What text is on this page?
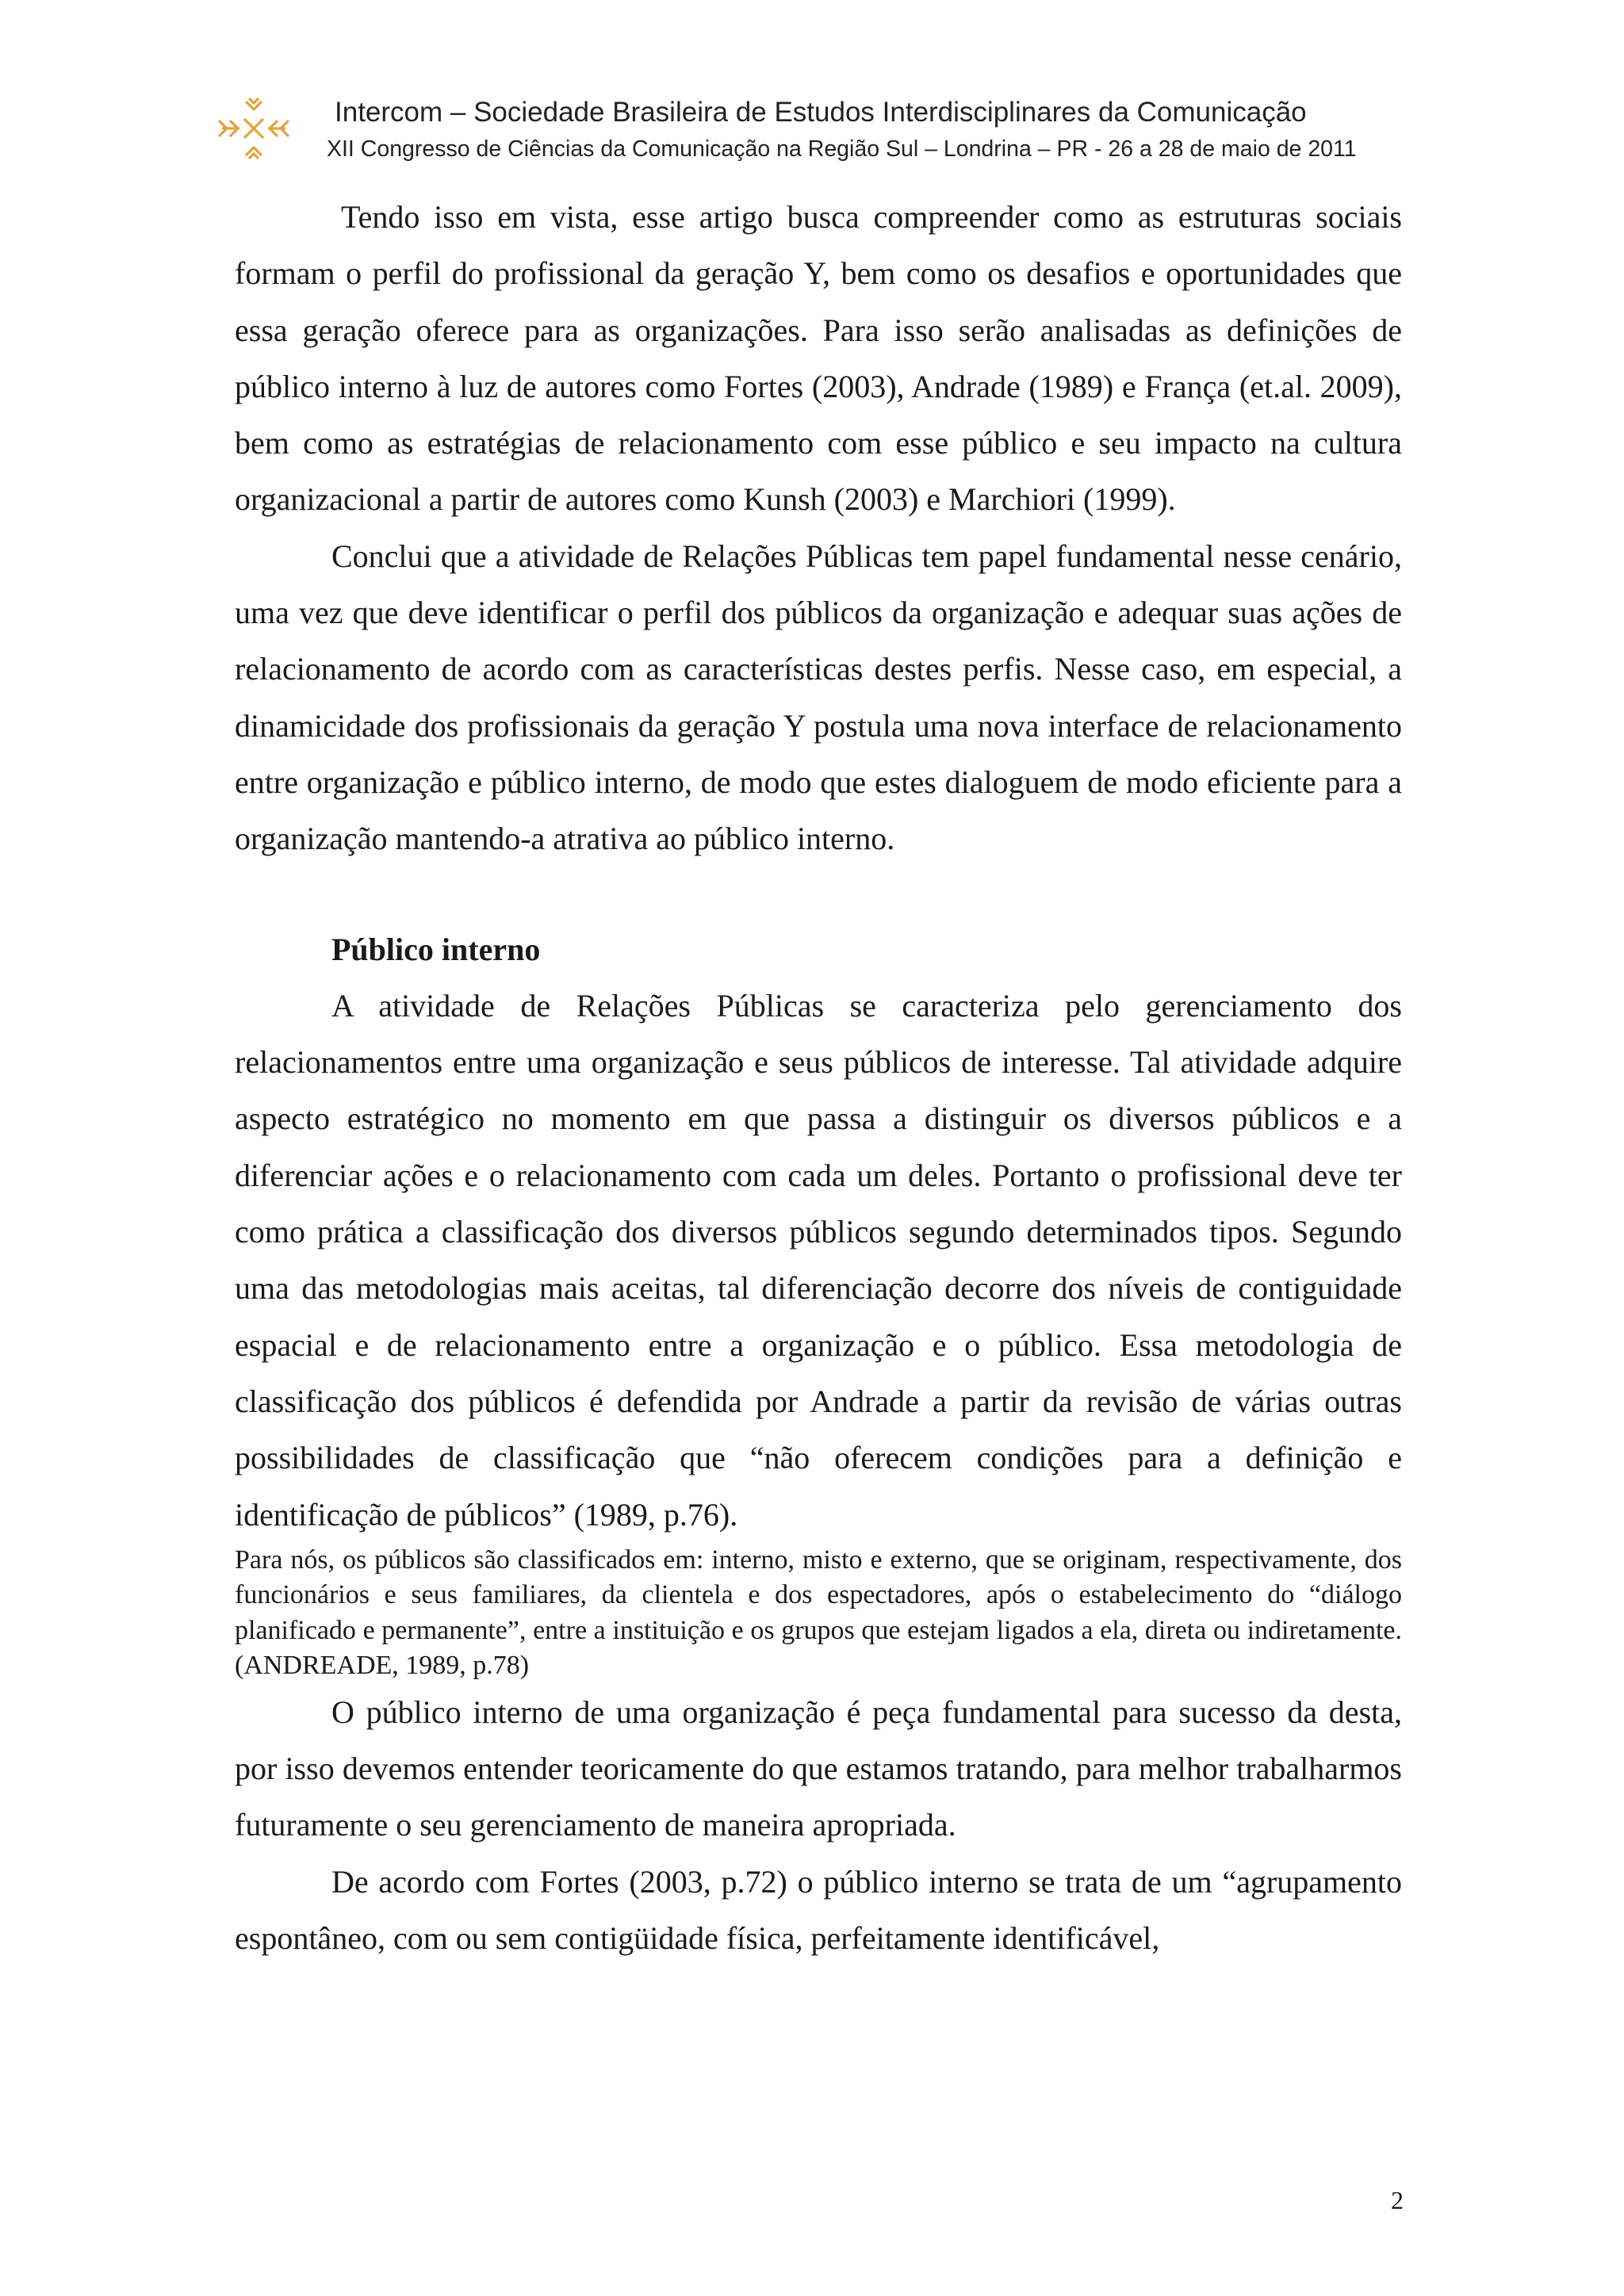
Intercom – Sociedade Brasileira de Estudos Interdisciplinares da Comunicação
XII Congresso de Ciências da Comunicação na Região Sul – Londrina – PR - 26 a 28 de maio de 2011

Tendo isso em vista, esse artigo busca compreender como as estruturas sociais formam o perfil do profissional da geração Y, bem como os desafios e oportunidades que essa geração oferece para as organizações. Para isso serão analisadas as definições de público interno à luz de autores como Fortes (2003), Andrade (1989) e França (et.al. 2009), bem como as estratégias de relacionamento com esse público e seu impacto na cultura organizacional a partir de autores como Kunsh (2003) e Marchiori (1999).

Conclui que a atividade de Relações Públicas tem papel fundamental nesse cenário, uma vez que deve identificar o perfil dos públicos da organização e adequar suas ações de relacionamento de acordo com as características destes perfis. Nesse caso, em especial, a dinamicidade dos profissionais da geração Y postula uma nova interface de relacionamento entre organização e público interno, de modo que estes dialoguem de modo eficiente para a organização mantendo-a atrativa ao público interno.

Público interno

A atividade de Relações Públicas se caracteriza pelo gerenciamento dos relacionamentos entre uma organização e seus públicos de interesse. Tal atividade adquire aspecto estratégico no momento em que passa a distinguir os diversos públicos e a diferenciar ações e o relacionamento com cada um deles. Portanto o profissional deve ter como prática a classificação dos diversos públicos segundo determinados tipos. Segundo uma das metodologias mais aceitas, tal diferenciação decorre dos níveis de contiguidade espacial e de relacionamento entre a organização e o público. Essa metodologia de classificação dos públicos é defendida por Andrade a partir da revisão de várias outras possibilidades de classificação que “não oferecem condições para a definição e identificação de públicos” (1989, p.76).

Para nós, os públicos são classificados em: interno, misto e externo, que se originam, respectivamente, dos funcionários e seus familiares, da clientela e dos espectadores, após o estabelecimento do “diálogo planificado e permanente”, entre a instituição e os grupos que estejam ligados a ela, direta ou indiretamente. (ANDREADE, 1989, p.78)

O público interno de uma organização é peça fundamental para sucesso da desta, por isso devemos entender teoricamente do que estamos tratando, para melhor trabalharmos futuramente o seu gerenciamento de maneira apropriada.

De acordo com Fortes (2003, p.72) o público interno se trata de um “agrupamento espontâneo, com ou sem contigüidade física, perfeitamente identificável,

2
